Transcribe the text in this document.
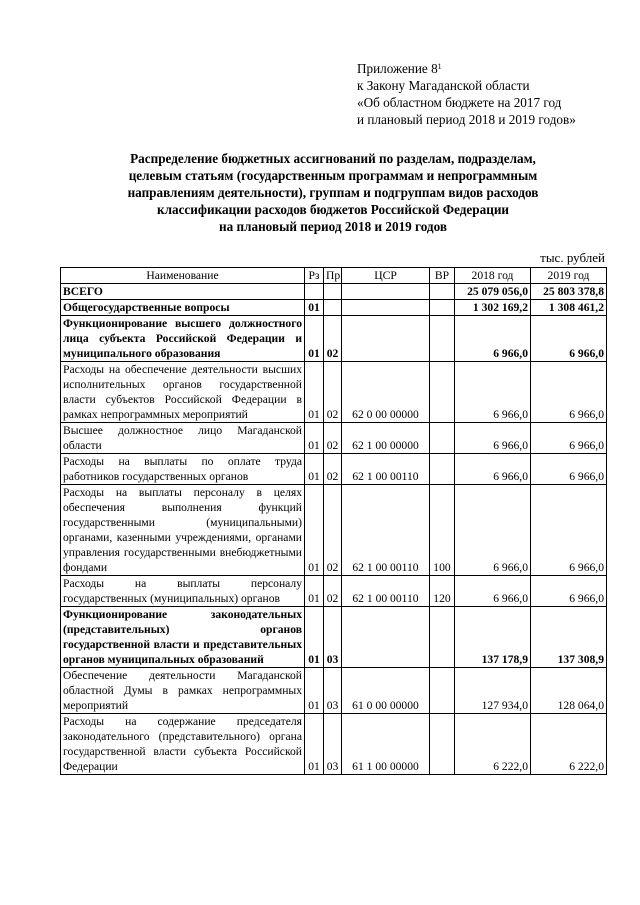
Приложение $8^1$
к Закону Магаданской области
«Об областном бюджете на 2017 год
и плановый период 2018 и 2019 годов»
Распределение бюджетных ассигнований по разделам, подразделам,
целевым статьям (государственным программам и непрограммным
направлениям деятельности), группам и подгруппам видов расходов
классификации расходов бюджетов Российской Федерации
на плановый период 2018 и 2019 годов
тыс. рублей
Наименование	Рз	Пр	ЦСР	ВР	2018 год	2019 год
ВСЕГО					25 079 056,0	25 803 378,8
Общегосударственные вопросы	01				1 302 169,2	1 308 461,2
Функционирование высшего должностного лица субъекта Российской Федерации и муниципального образования	01	02			6 966,0	6 966,0
Расходы на обеспечение деятельности высших исполнительных органов государственной власти субъектов Российской Федерации в рамках непрограммных мероприятий	01	02	62 0 00 00000		6 966,0	6 966,0
Высшее должностное лицо Магаданской области	01	02	62 1 00 00000		6 966,0	6 966,0
Расходы на выплаты по оплате труда работников государственных органов	01	02	62 1 00 00110		6 966,0	6 966,0
Расходы на выплаты персоналу в целях обеспечения выполнения функций государственными (муниципальными) органами, казенными учреждениями, органами управления государственными внебюджетными фондами	01	02	62 1 00 00110	100	6 966,0	6 966,0
Расходы на выплаты персоналу государственных (муниципальных) органов	01	02	62 1 00 00110	120	6 966,0	6 966,0
Функционирование законодательных (представительных) органов государственной власти и представительных органов муниципальных образований	01	03			137 178,9	137 308,9
Обеспечение деятельности Магаданской областной Думы в рамках непрограммных мероприятий	01	03	61 0 00 00000		127 934,0	128 064,0
Расходы на содержание председателя законодательного (представительного) органа государственной власти субъекта Российской Федерации	01	03	61 1 00 00000		6 222,0	6 222,0
